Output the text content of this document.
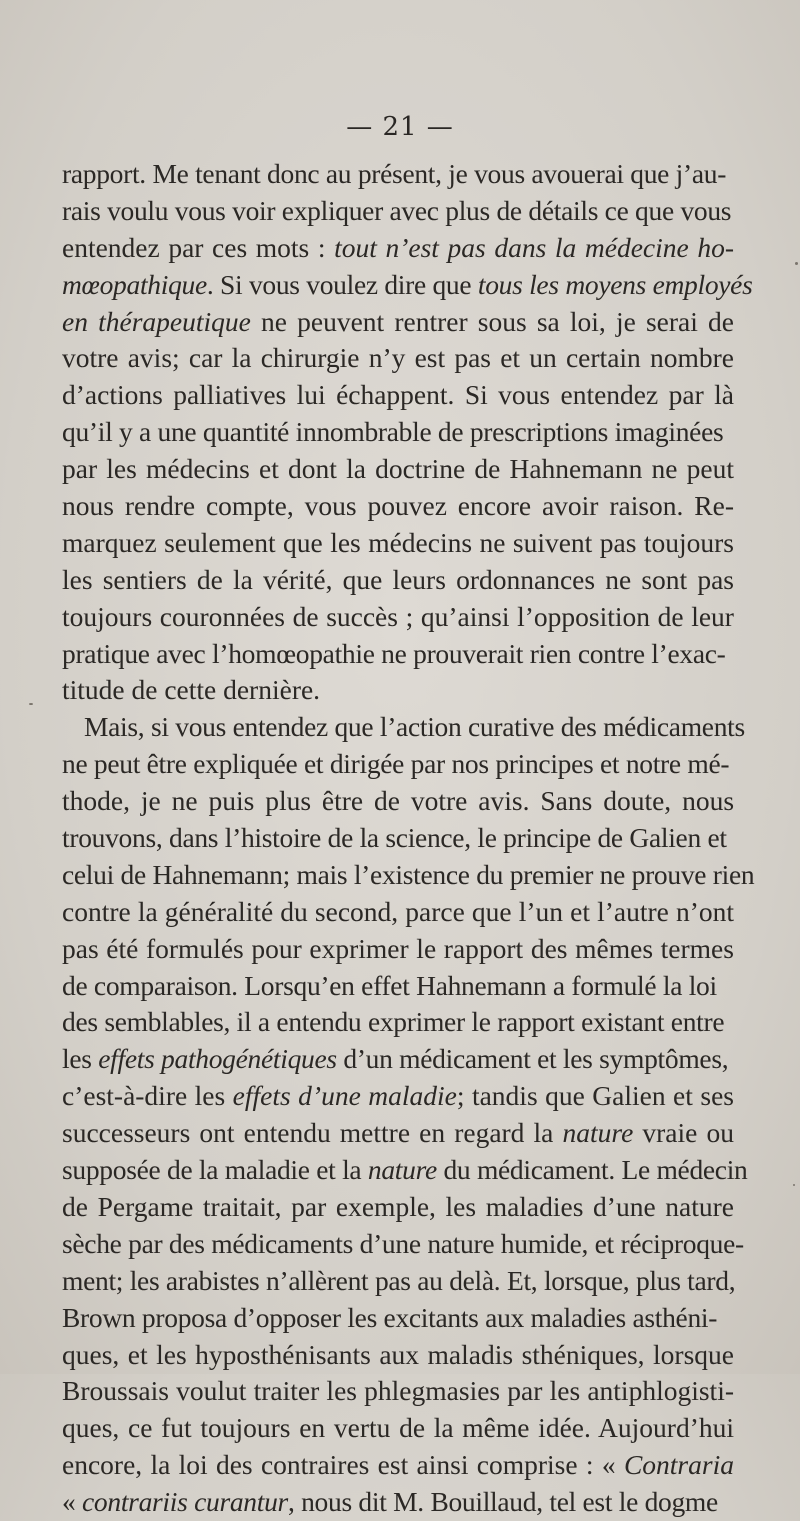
— 21 —
rapport. Me tenant donc au présent, je vous avouerai que j’au-
rais voulu vous voir expliquer avec plus de détails ce que vous
entendez par ces mots : tout n’est pas dans la médecine ho-
mœopathique. Si vous voulez dire que tous les moyens employés
en thérapeutique ne peuvent rentrer sous sa loi, je serai de
votre avis; car la chirurgie n’y est pas et un certain nombre
d’actions palliatives lui échappent. Si vous entendez par là
qu’il y a une quantité innombrable de prescriptions imaginées
par les médecins et dont la doctrine de Hahnemann ne peut
nous rendre compte, vous pouvez encore avoir raison. Re-
marquez seulement que les médecins ne suivent pas toujours
les sentiers de la vérité, que leurs ordonnances ne sont pas
toujours couronnées de succès ; qu’ainsi l’opposition de leur
pratique avec l’homœopathie ne prouverait rien contre l’exac-
titude de cette dernière.
Mais, si vous entendez que l’action curative des médicaments
ne peut être expliquée et dirigée par nos principes et notre mé-
thode, je ne puis plus être de votre avis. Sans doute, nous
trouvons, dans l’histoire de la science, le principe de Galien et
celui de Hahnemann; mais l’existence du premier ne prouve rien
contre la généralité du second, parce que l’un et l’autre n’ont
pas été formulés pour exprimer le rapport des mêmes termes
de comparaison. Lorsqu’en effet Hahnemann a formulé la loi
des semblables, il a entendu exprimer le rapport existant entre
les effets pathogénétiques d’un médicament et les symptômes,
c’est-à-dire les effets d’une maladie; tandis que Galien et ses
successeurs ont entendu mettre en regard la nature vraie ou
supposée de la maladie et la nature du médicament. Le médecin
de Pergame traitait, par exemple, les maladies d’une nature
sèche par des médicaments d’une nature humide, et réciproque-
ment; les arabistes n’allèrent pas au delà. Et, lorsque, plus tard,
Brown proposa d’opposer les excitants aux maladies asthéni-
ques, et les hyposthénisants aux maladis sthéniques, lorsque
Broussais voulut traiter les phlegmasies par les antiphlogisti-
ques, ce fut toujours en vertu de la même idée. Aujourd’hui
encore, la loi des contraires est ainsi comprise : « Contraria
« contrariis curantur, nous dit M. Bouillaud, tel est le dogme
